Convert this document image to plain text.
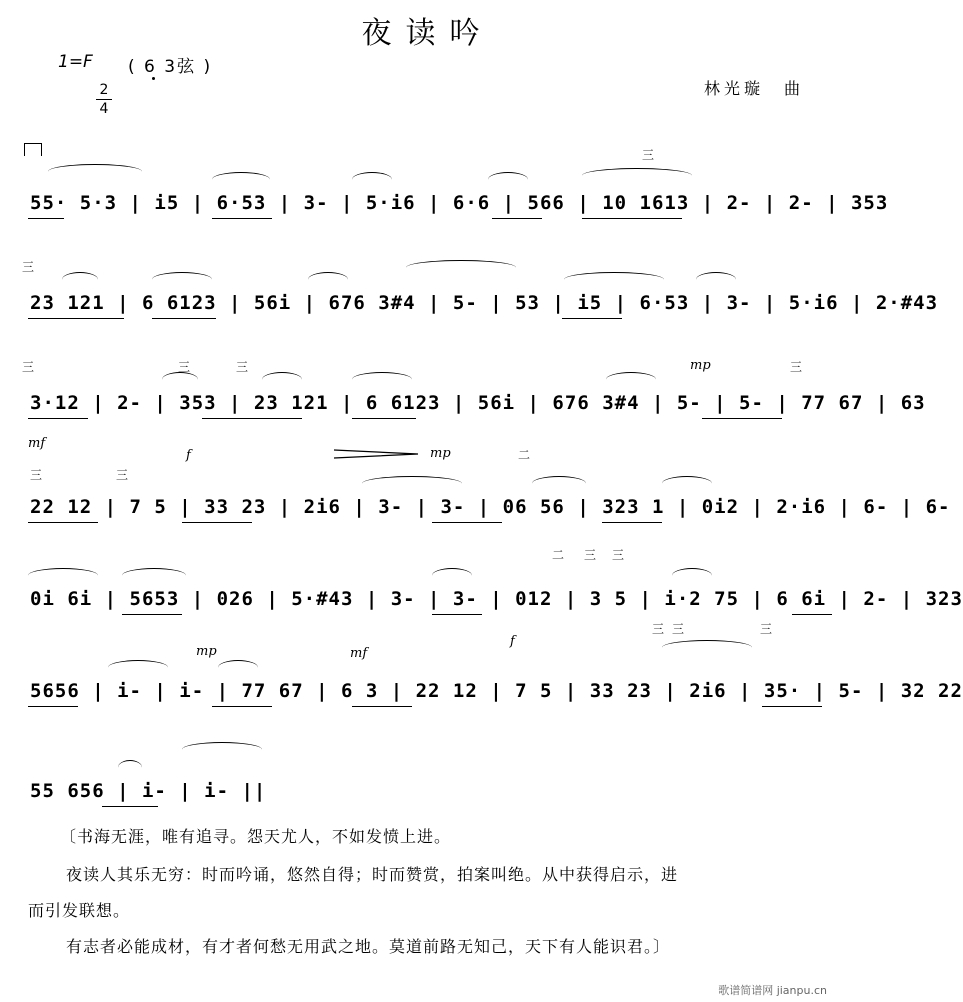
夜读吟
1=F ( 6 3弦 )
2
4
林光璇　曲
三
55· 5·3 | i5 | 6·53 | 3- | 5·i6 | 6·6 | 566 | 10 1613 | 2- | 2- | 353
三
23 121 | 6 6123 | 56i | 676 3#4 | 5- | 53 | i5 | 6·53 | 3- | 5·i6 | 2·#43
三	三	三	mp	三
3·12 | 2- | 353 | 23 121 | 6 6123 | 56i | 676 3#4 | 5- | 5- | 77 67 | 63
mf
f	mp
三	三
二
22 12 | 7 5 | 33 23 | 2i6 | 3- | 3- | 06 56 | 323 1 | 0i2 | 2·i6 | 6- | 6-
二 三 三
0i 6i | 5653 | 026 | 5·#43 | 3- | 3- | 012 | 3 5 | i·2 75 | 6 6i | 2- | 323
mp	mf
f
三 三	三
5656 | i- | i- | 77 67 | 6 3 | 22 12 | 7 5 | 33 23 | 2i6 | 35· | 5- | 32 22
55 656 | i- | i- ||
〔书海无涯，唯有追寻。怨天尤人，不如发愤上进。
夜读人其乐无穷：时而吟诵，悠然自得；时而赞赏，拍案叫绝。从中获得启示，进
而引发联想。
有志者必能成材，有才者何愁无用武之地。莫道前路无知己，天下有人能识君。〕
歌谱简谱网 jianpu.cn
